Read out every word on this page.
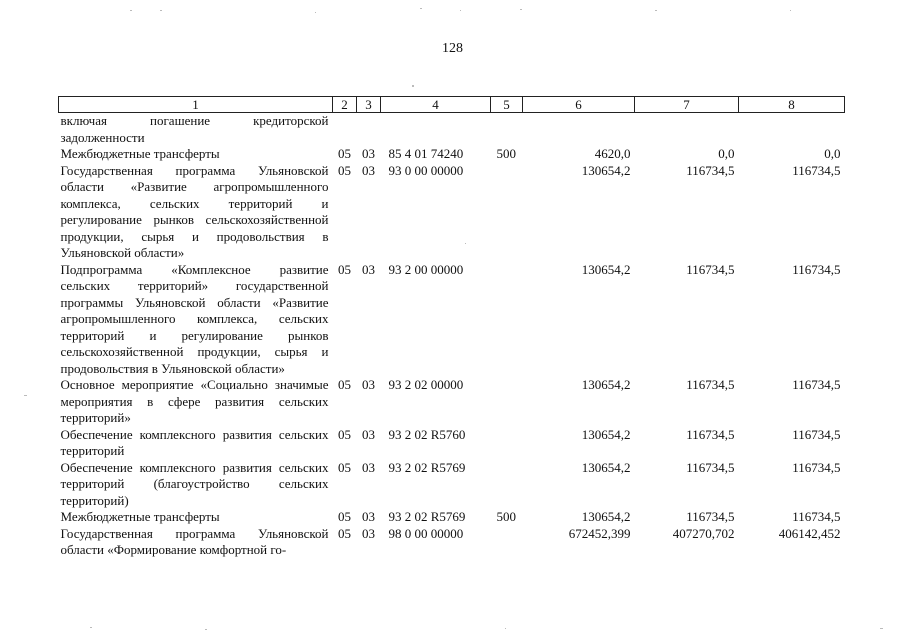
128
1	2	3	4	5	6	7	8
включая погашение кредиторской задолженности							
Межбюджетные трансферты	05	03	85 4 01 74240	500	4620,0	0,0	0,0
Государственная программа Ульяновской области «Развитие агропромышленного комплекса, сельских территорий и регулирование рынков сельскохозяйственной продукции, сырья и продовольствия в Ульяновской области»	05	03	93 0 00 00000		130654,2	116734,5	116734,5
Подпрограмма «Комплексное развитие сельских территорий» государственной программы Ульяновской области «Развитие агропромышленного комплекса, сельских территорий и регулирование рынков сельскохозяйственной продукции, сырья и продовольствия в Ульяновской области»	05	03	93 2 00 00000		130654,2	116734,5	116734,5
Основное мероприятие «Социально значимые мероприятия в сфере развития сельских территорий»	05	03	93 2 02 00000		130654,2	116734,5	116734,5
Обеспечение комплексного развития сельских территорий	05	03	93 2 02 R5760		130654,2	116734,5	116734,5
Обеспечение комплексного развития сельских территорий (благоустройство сельских территорий)	05	03	93 2 02 R5769		130654,2	116734,5	116734,5
Межбюджетные трансферты	05	03	93 2 02 R5769	500	130654,2	116734,5	116734,5
Государственная программа Ульяновской области «Формирование комфортной го-	05	03	98 0 00 00000		672452,399	407270,702	406142,452
